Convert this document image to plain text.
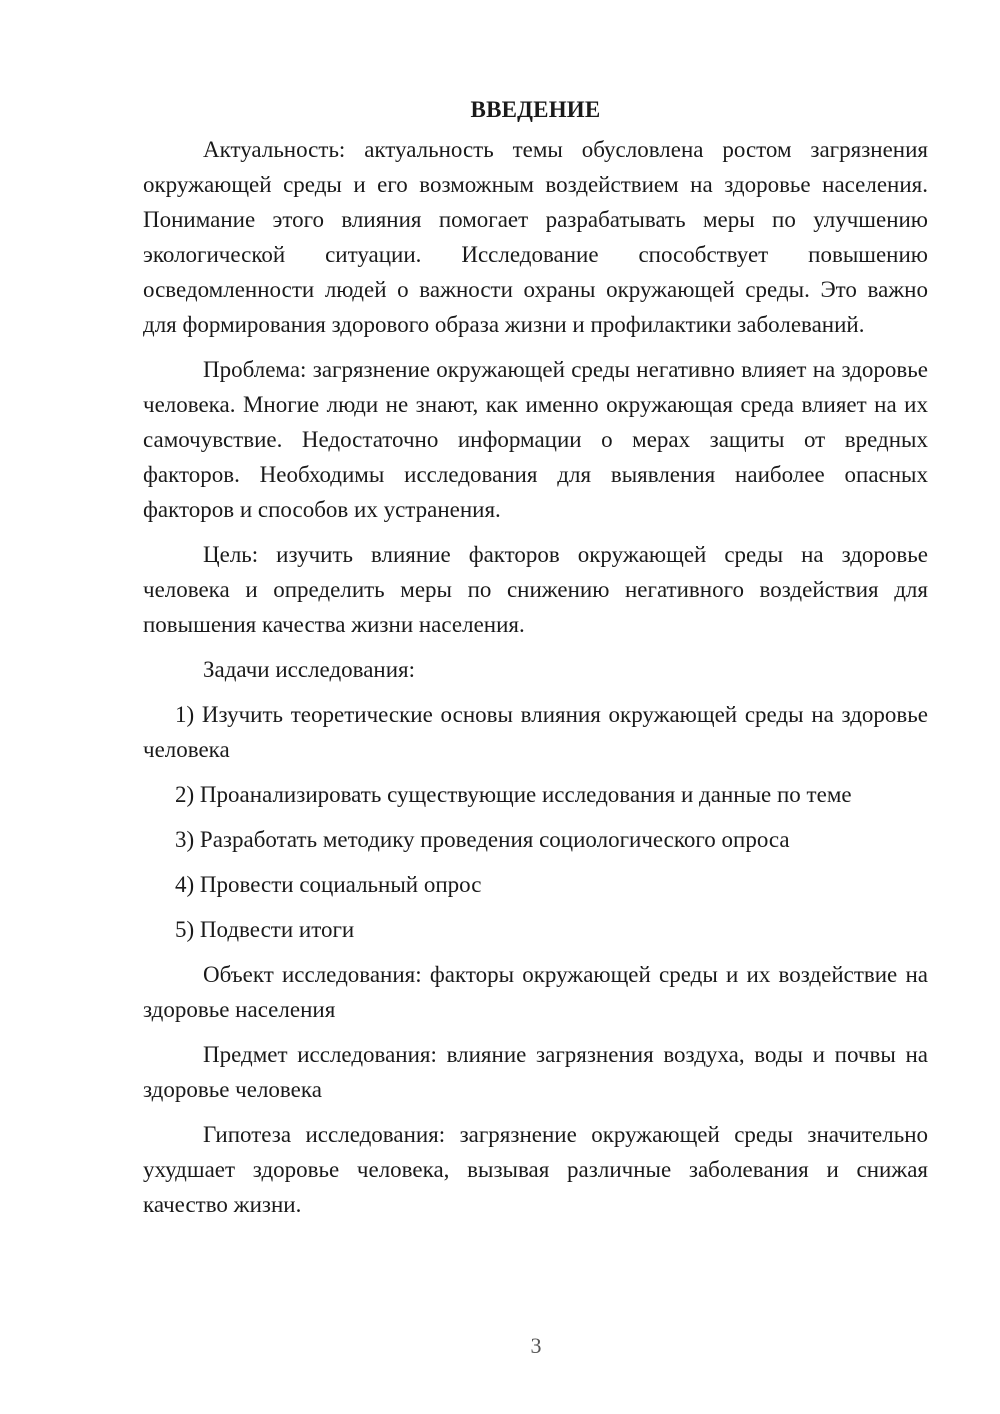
ВВЕДЕНИЕ

Актуальность: актуальность темы обусловлена ростом загрязнения окружающей среды и его возможным воздействием на здоровье населения. Понимание этого влияния помогает разрабатывать меры по улучшению экологической ситуации. Исследование способствует повышению осведомленности людей о важности охраны окружающей среды. Это важно для формирования здорового образа жизни и профилактики заболеваний.

Проблема: загрязнение окружающей среды негативно влияет на здоровье человека. Многие люди не знают, как именно окружающая среда влияет на их самочувствие. Недостаточно информации о мерах защиты от вредных факторов. Необходимы исследования для выявления наиболее опасных факторов и способов их устранения.

Цель: изучить влияние факторов окружающей среды на здоровье человека и определить меры по снижению негативного воздействия для повышения качества жизни населения.

Задачи исследования:

1) Изучить теоретические основы влияния окружающей среды на здоровье человека

2) Проанализировать существующие исследования и данные по теме

3) Разработать методику проведения социологического опроса

4) Провести социальный опрос

5) Подвести итоги

Объект исследования: факторы окружающей среды и их воздействие на здоровье населения

Предмет исследования: влияние загрязнения воздуха, воды и почвы на здоровье человека

Гипотеза исследования: загрязнение окружающей среды значительно ухудшает здоровье человека, вызывая различные заболевания и снижая качество жизни.

3
